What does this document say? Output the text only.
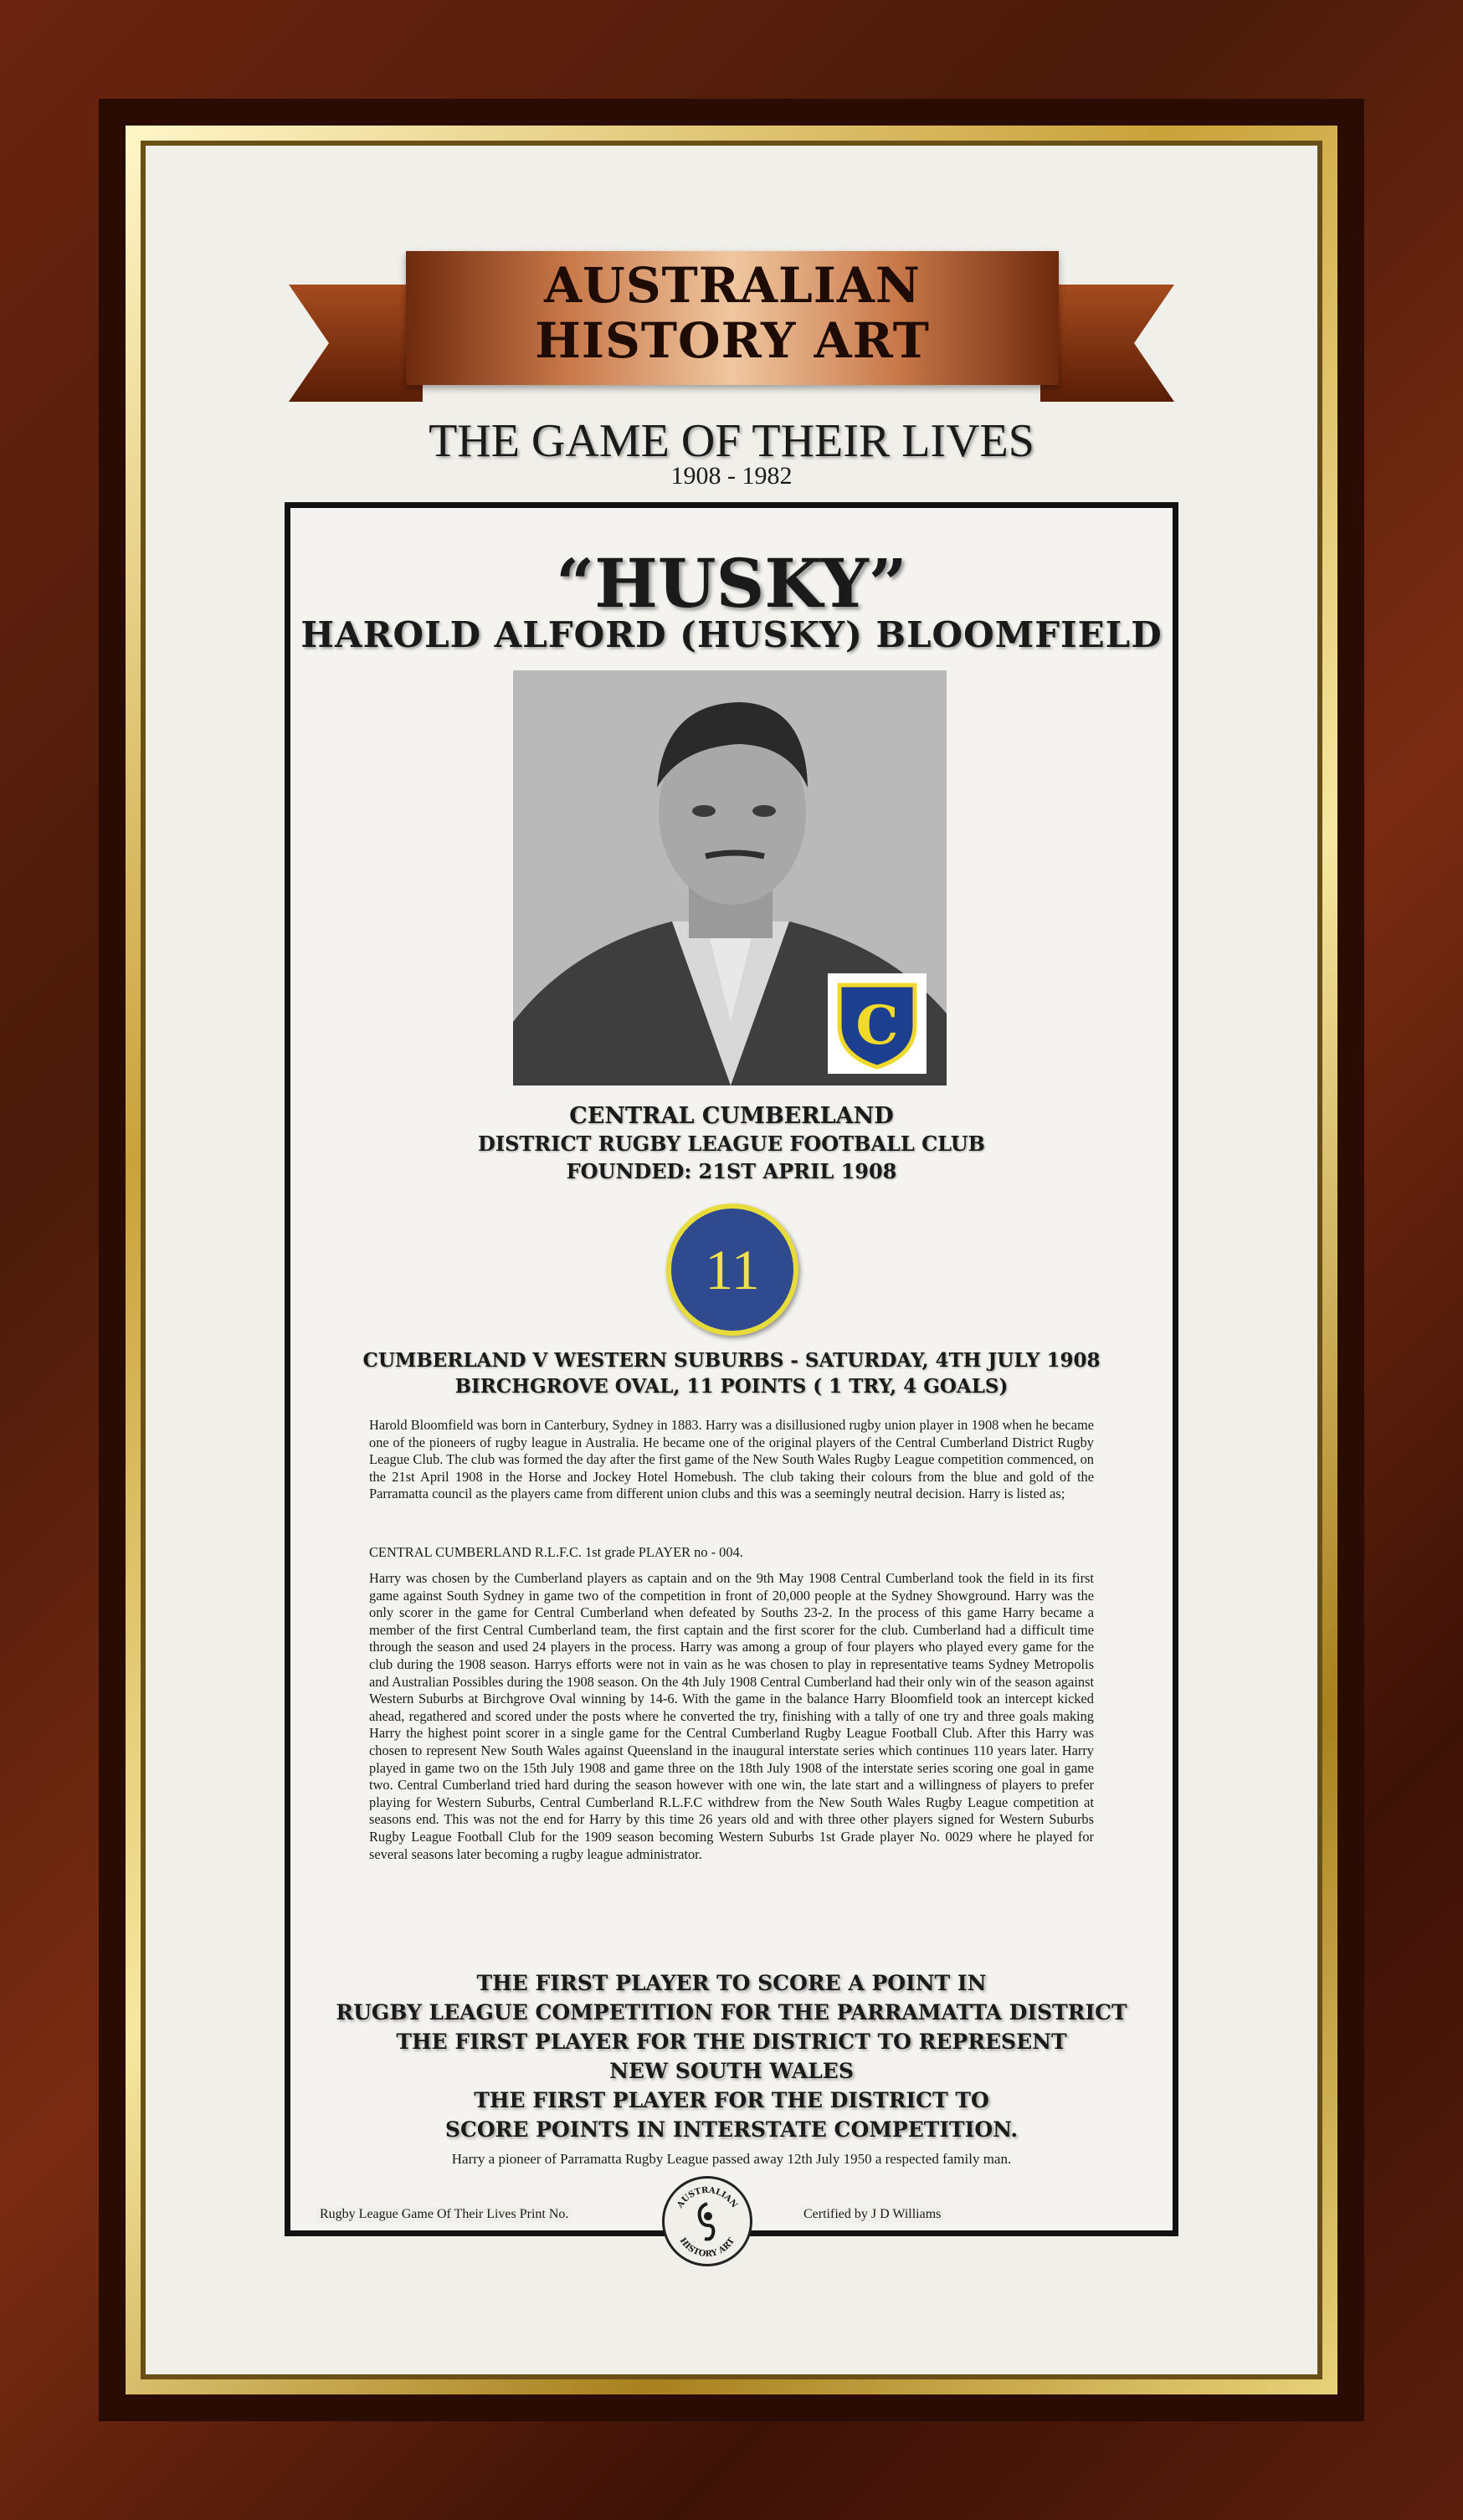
AUSTRALIAN
HISTORY ART
THE GAME OF THEIR LIVES
1908 - 1982
“HUSKY”
HAROLD ALFORD (HUSKY) BLOOMFIELD
C
CENTRAL CUMBERLAND
DISTRICT RUGBY LEAGUE FOOTBALL CLUB
FOUNDED: 21ST APRIL 1908
11
CUMBERLAND V WESTERN SUBURBS - SATURDAY, 4TH JULY 1908
BIRCHGROVE OVAL, 11 POINTS ( 1 TRY, 4 GOALS)
Harold Bloomfield was born in Canterbury, Sydney in 1883. Harry was a disillusioned rugby union player in 1908 when he became one of the pioneers of rugby league in Australia. He became one of the original players of the Central Cumberland District Rugby League Club. The club was formed the day after the first game of the New South Wales Rugby League competition commenced, on the 21st April 1908 in the Horse and Jockey Hotel Homebush. The club taking their colours from the blue and gold of the Parramatta council as the players came from different union clubs and this was a seemingly neutral decision. Harry is listed as;
CENTRAL CUMBERLAND R.L.F.C. 1st grade PLAYER no - 004.
Harry was chosen by the Cumberland players as captain and on the 9th May 1908 Central Cumberland took the field in its first game against South Sydney in game two of the competition in front of 20,000 people at the Sydney Showground. Harry was the only scorer in the game for Central Cumberland when defeated by Souths 23-2. In the process of this game Harry became a member of the first Central Cumberland team, the first captain and the first scorer for the club. Cumberland had a difficult time through the season and used 24 players in the process. Harry was among a group of four players who played every game for the club during the 1908 season. Harrys efforts were not in vain as he was chosen to play in representative teams Sydney Metropolis and Australian Possibles during the 1908 season. On the 4th July 1908 Central Cumberland had their only win of the season against Western Suburbs at Birchgrove Oval winning by 14-6. With the game in the balance Harry Bloomfield took an intercept kicked ahead, regathered and scored under the posts where he converted the try, finishing with a tally of one try and three goals making Harry the highest point scorer in a single game for the Central Cumberland Rugby League Football Club. After this Harry was chosen to represent New South Wales against Queensland in the inaugural interstate series which continues 110 years later. Harry played in game two on the 15th July 1908 and game three on the 18th July 1908 of the interstate series scoring one goal in game two. Central Cumberland tried hard during the season however with one win, the late start and a willingness of players to prefer playing for Western Suburbs, Central Cumberland R.L.F.C withdrew from the New South Wales Rugby League competition at seasons end. This was not the end for Harry by this time 26 years old and with three other players signed for Western Suburbs Rugby League Football Club for the 1909 season becoming Western Suburbs 1st Grade player No. 0029 where he played for several seasons later becoming a rugby league administrator.
THE FIRST PLAYER TO SCORE A POINT IN
RUGBY LEAGUE COMPETITION FOR THE PARRAMATTA DISTRICT
THE FIRST PLAYER FOR THE DISTRICT TO REPRESENT
NEW SOUTH WALES
THE FIRST PLAYER FOR THE DISTRICT TO
SCORE POINTS IN INTERSTATE COMPETITION.
Harry a pioneer of Parramatta Rugby League passed away 12th July 1950 a respected family man.
Rugby League Game Of Their Lives Print No.	Certified by J D Williams
AUSTRALIAN
HISTORY ART
